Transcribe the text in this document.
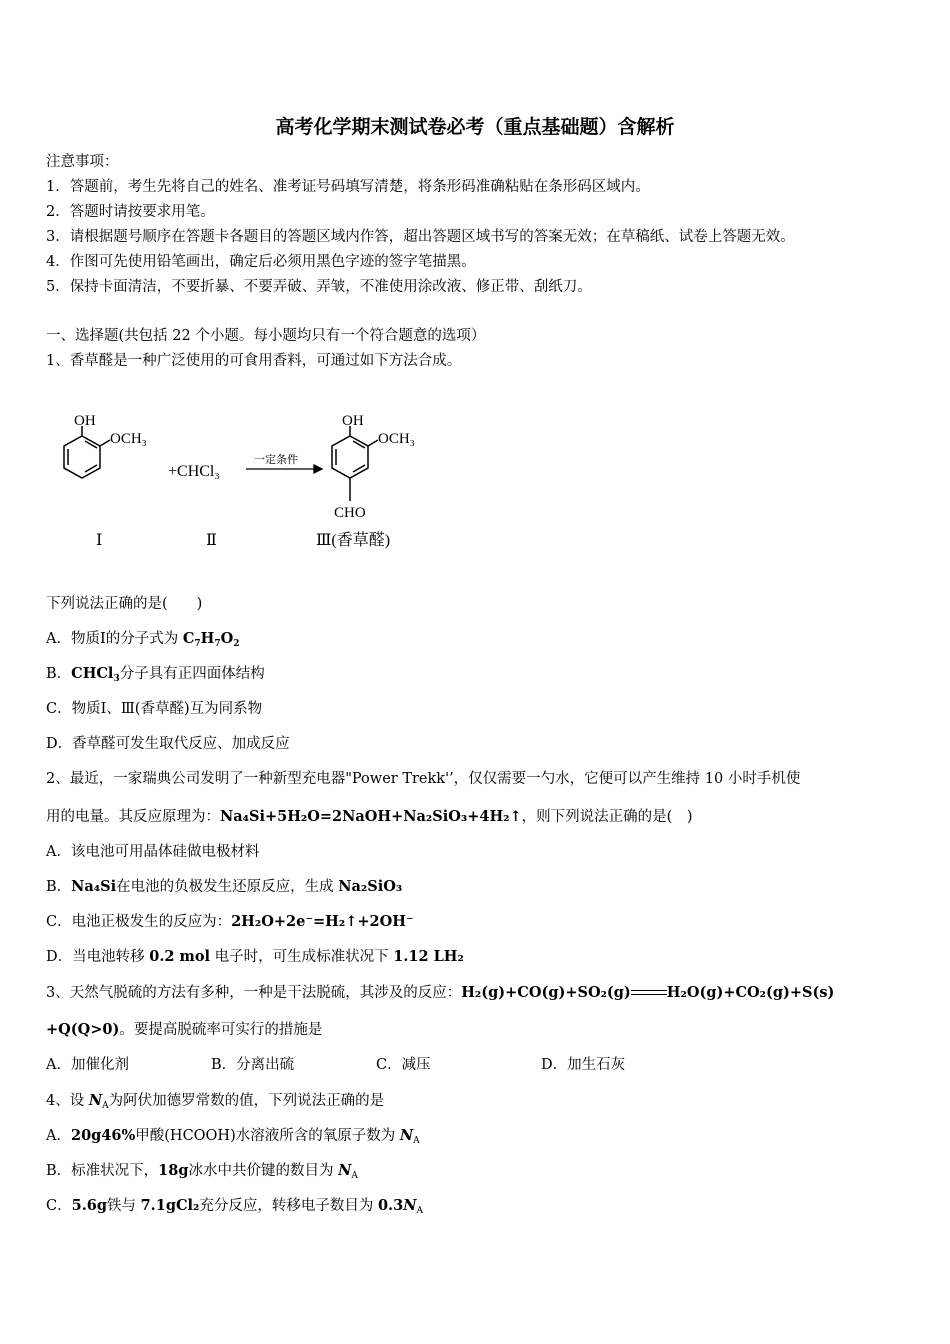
高考化学期末测试卷必考（重点基础题）含解析
注意事项：
1．答题前，考生先将自己的姓名、准考证号码填写清楚，将条形码准确粘贴在条形码区域内。
2．答题时请按要求用笔。
3．请根据题号顺序在答题卡各题目的答题区域内作答，超出答题区域书写的答案无效；在草稿纸、试卷上答题无效。
4．作图可先使用铅笔画出，确定后必须用黑色字迹的签字笔描黑。
5．保持卡面清洁，不要折暴、不要弄破、弄皱，不准使用涂改液、修正带、刮纸刀。
一、选择题(共包括 22 个小题。每小题均只有一个符合题意的选项）
1、香草醛是一种广泛使用的可食用香料，可通过如下方法合成。
OH
OCH₃
+CHCl₃
一定条件
OH
OCH₃
CHO
Ⅰ	Ⅱ	Ⅲ(香草醛)
下列说法正确的是(　　)
A．物质Ⅰ的分子式为 $C_7H_7O_2$
B．CHCl$_3$分子具有正四面体结构
C．物质Ⅰ、Ⅲ(香草醛)互为同系物
D．香草醛可发生取代反应、加成反应
2、最近，一家瑞典公司发明了一种新型充电器"Power Trekk'’，仅仅需要一勺水，它便可以产生维持 10 小时手机使
用的电量。其反应原理为：Na₄Si+5H₂O=2NaOH+Na₂SiO₃+4H₂↑，则下列说法正确的是(　)
A．该电池可用晶体硅做电极材料
B．Na₄Si在电池的负极发生还原反应，生成 Na₂SiO₃
C．电池正极发生的反应为：2H₂O+2e⁻=H₂↑+2OH⁻
D．当电池转移 0.2 mol 电子时，可生成标准状况下 1.12 LH₂
3、天然气脱硫的方法有多种，一种是干法脱硫，其涉及的反应：H₂(g)+CO(g)+SO₂(g) H₂O(g)+CO₂(g)+S(s)
+Q(Q>0)。要提高脱硫率可实行的措施是
A．加催化剂	B．分离出硫	C．减压	D．加生石灰
4、设 $N_A$为阿伏加德罗常数的值，下列说法正确的是
A．20g46%甲酸(HCOOH)水溶液所含的氧原子数为 $N_A$
B．标准状况下，18g冰水中共价键的数目为 $N_A$
C．5.6g铁与 7.1gCl₂充分反应，转移电子数目为 $0.3N_A$
